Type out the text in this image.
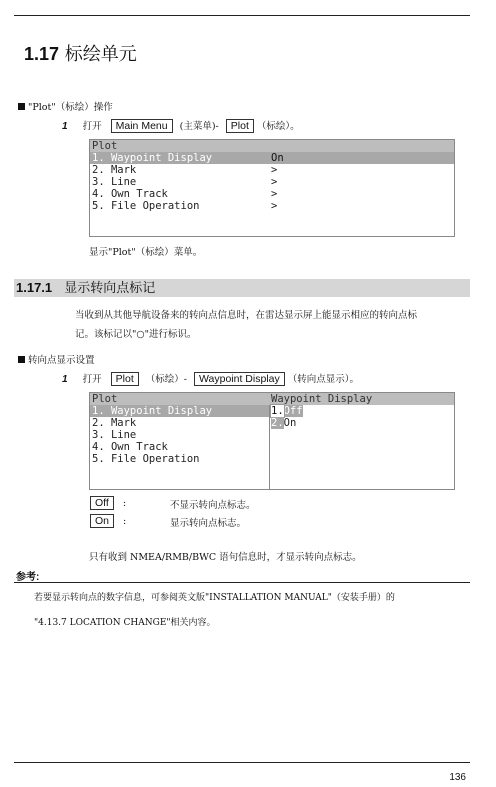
1.17 标绘单元
"Plot"（标绘）操作
1 打开 Main Menu (主菜单)- Plot （标绘）。
Plot
1. Waypoint Display	On
2. Mark	>
3. Line	>
4. Own Track	>
5. File Operation	>
显示"Plot"（标绘）菜单。
1.17.1 显示转向点标记
当收到从其他导航设备来的转向点信息时，在雷达显示屏上能显示相应的转向点标
记。该标记以"○"进行标识。
转向点显示设置
1 打开 Plot （标绘）- Waypoint Display （转向点显示）。
Plot	Waypoint Display
1. Waypoint Display	1.Off
2. Mark	2.On
3. Line
4. Own Track
5. File Operation
Off :	不显示转向点标志。
On :	显示转向点标志。
只有收到 NMEA/RMB/BWC 语句信息时，才显示转向点标志。
参考:
若要显示转向点的数字信息，可参阅英文版"INSTALLATION MANUAL"（安装手册）的
"4.13.7 LOCATION CHANGE"相关内容。
136
